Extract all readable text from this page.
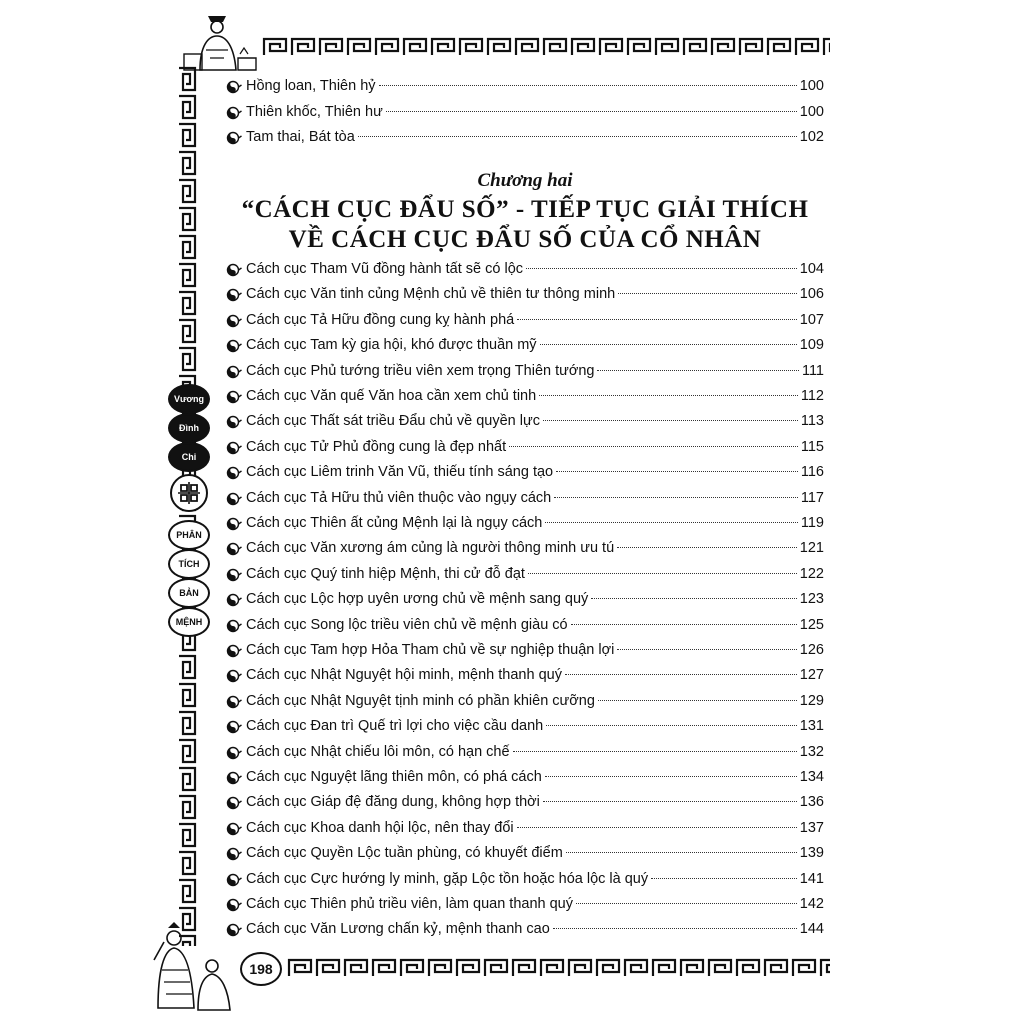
198
Vương
Đình
Chi
PHÂN
TÍCH
BẢN
MỆNH
Chương hai
“CÁCH CỤC ĐẨU SỐ” - TIẾP TỤC GIẢI THÍCH
VỀ CÁCH CỤC ĐẨU SỐ CỦA CỔ NHÂN
Hồng loan, Thiên hỷ	100
Thiên khốc, Thiên hư	100
Tam thai, Bát tòa	102
Cách cục Tham Vũ đồng hành tất sẽ có lộc	104
Cách cục Văn tinh củng Mệnh chủ về thiên tư thông minh	106
Cách cục Tả Hữu đồng cung kỵ hành phá	107
Cách cục Tam kỳ gia hội, khó được thuần mỹ	109
Cách cục Phủ tướng triều viên xem trọng Thiên tướng	111
Cách cục Văn quế Văn hoa cần xem chủ tinh	112
Cách cục Thất sát triều Đẩu chủ về quyền lực	113
Cách cục Tử Phủ đồng cung là đẹp nhất	115
Cách cục Liêm trinh Văn Vũ, thiếu tính sáng tạo	116
Cách cục Tả Hữu thủ viên thuộc vào ngụy cách	117
Cách cục Thiên ất củng Mệnh lại là ngụy cách	119
Cách cục Văn xương ám củng là người thông minh ưu tú	121
Cách cục Quý tinh hiệp Mệnh, thi cử đỗ đạt	122
Cách cục Lộc hợp uyên ương chủ về mệnh sang quý	123
Cách cục Song lộc triều viên chủ về mệnh giàu có	125
Cách cục Tam hợp Hỏa Tham chủ về sự nghiệp thuận lợi	126
Cách cục Nhật Nguyệt hội minh, mệnh thanh quý	127
Cách cục Nhật Nguyệt tịnh minh có phần khiên cưỡng	129
Cách cục Đan trì Quế trì lợi cho việc cầu danh	131
Cách cục Nhật chiếu lôi môn, có hạn chế	132
Cách cục Nguyệt lãng thiên môn, có phá cách	134
Cách cục Giáp đệ đăng dung, không hợp thời	136
Cách cục Khoa danh hội lộc, nên thay đổi	137
Cách cục Quyền Lộc tuần phùng, có khuyết điểm	139
Cách cục Cực hướng ly minh, gặp Lộc tồn hoặc hóa lộc là quý	141
Cách cục Thiên phủ triều viên, làm quan thanh quý	142
Cách cục Văn Lương chấn kỷ, mệnh thanh cao	144
